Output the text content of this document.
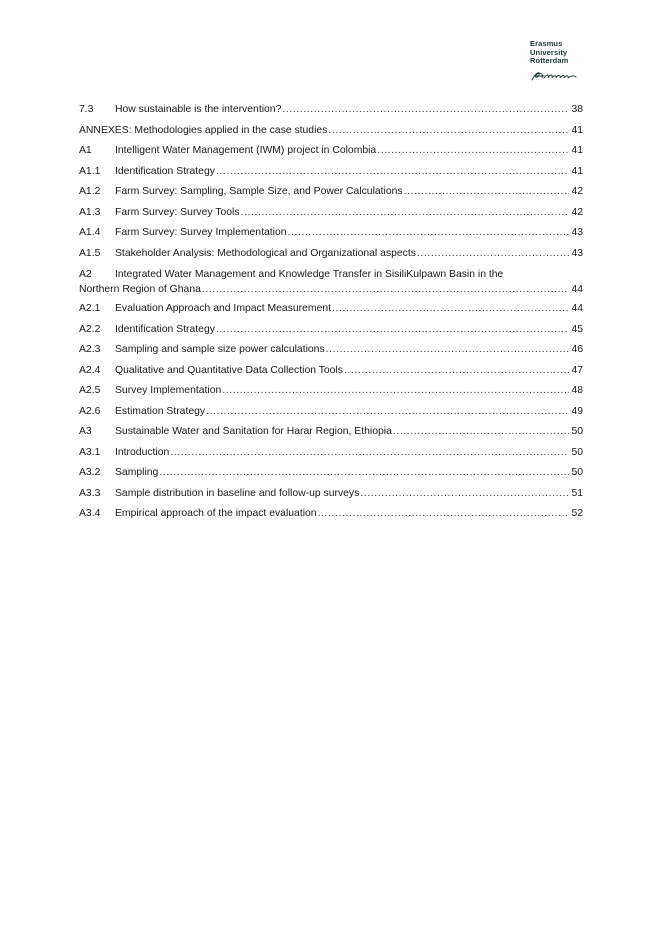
Erasmus
University
Rotterdam
7.3	How sustainable is the intervention? .....	38
ANNEXES: Methodologies applied in the case studies .....	41
A1	Intelligent Water Management (IWM) project in Colombia .....	41
A1.1	Identification Strategy .....	41
A1.2	Farm Survey: Sampling, Sample Size, and Power Calculations .....	42
A1.3	Farm Survey: Survey Tools .....	42
A1.4	Farm Survey: Survey Implementation .....	43
A1.5	Stakeholder Analysis: Methodological and Organizational aspects .....	43
A2	Integrated Water Management and Knowledge Transfer in SisiliKulpawn Basin in the
Northern Region of Ghana .....	44
A2.1	Evaluation Approach and Impact Measurement .....	44
A2.2	Identification Strategy .....	45
A2.3	Sampling and sample size power calculations .....	46
A2.4	Qualitative and Quantitative Data Collection Tools .....	47
A2.5	Survey Implementation .....	48
A2.6	Estimation Strategy .....	49
A3	Sustainable Water and Sanitation for Harar Region, Ethiopia .....	50
A3.1	Introduction .....	50
A3.2	Sampling .....	50
A3.3	Sample distribution in baseline and follow-up surveys .....	51
A3.4	Empirical approach of the impact evaluation .....	52
